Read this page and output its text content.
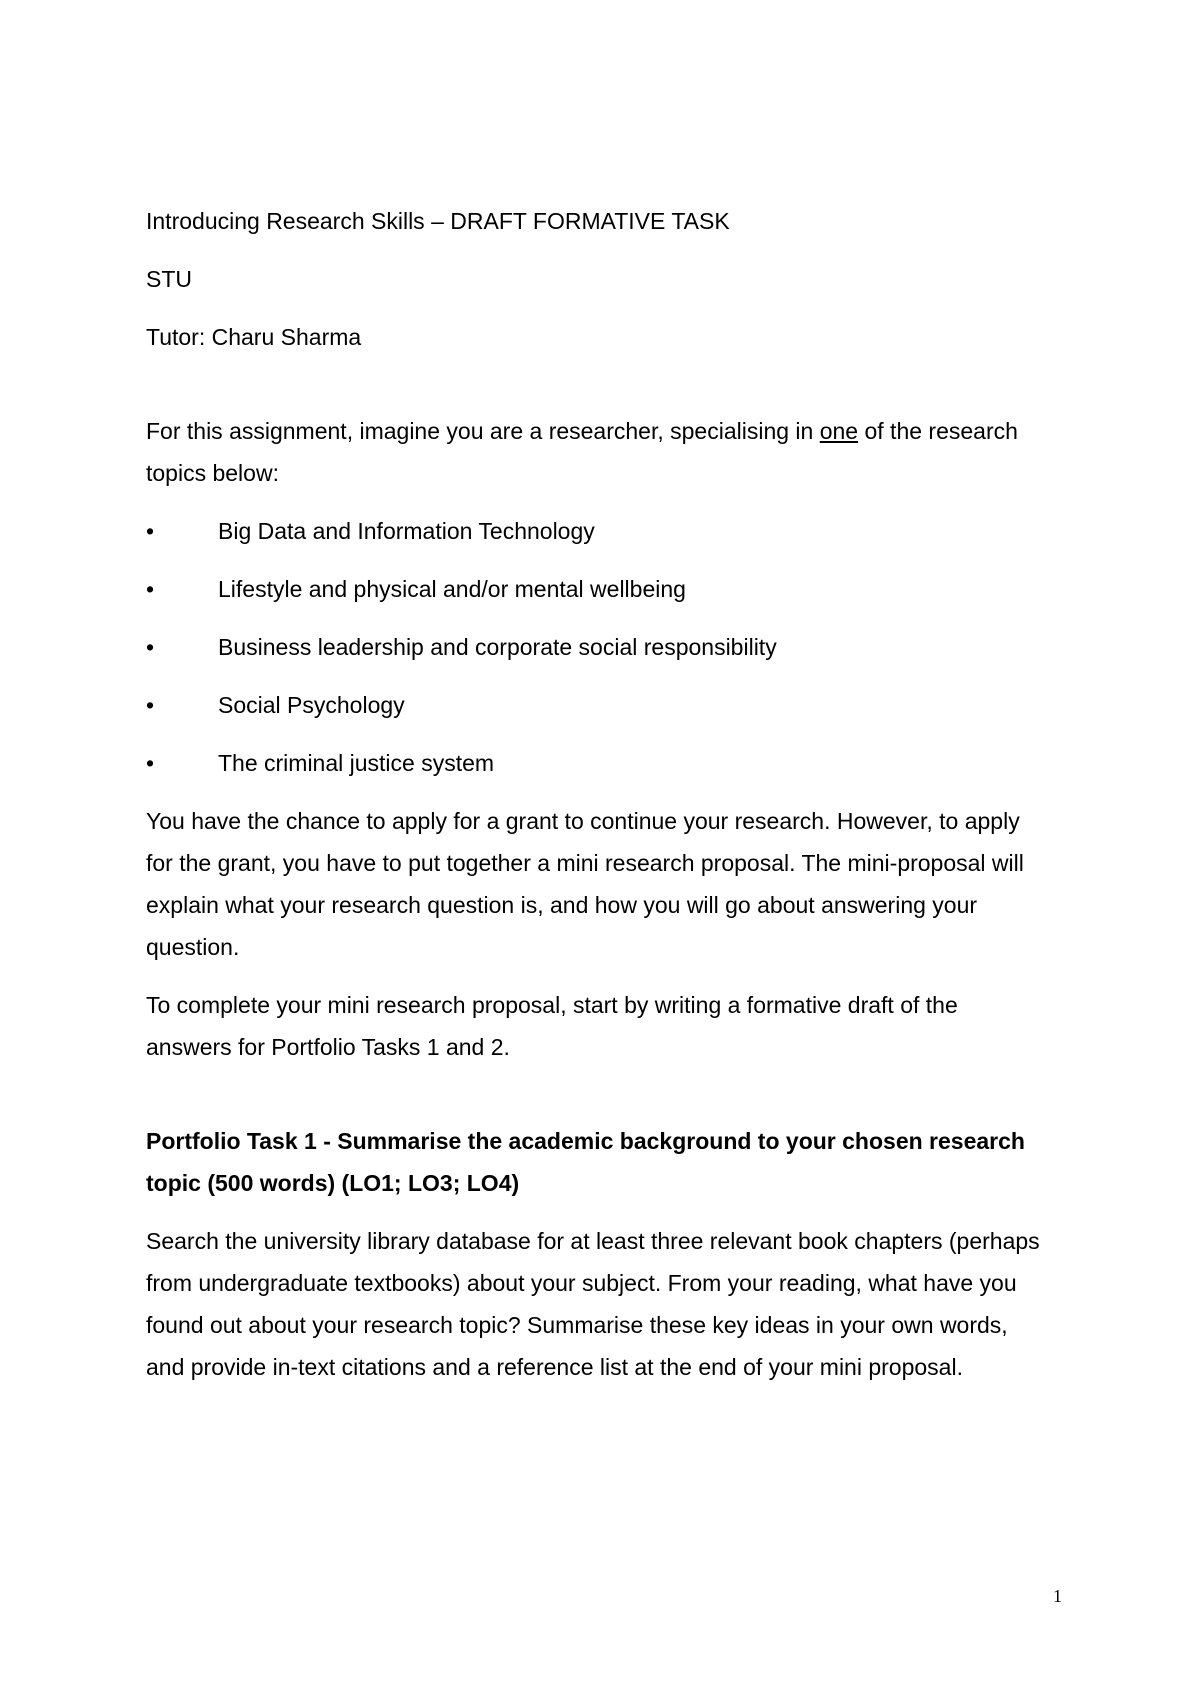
Introducing Research Skills – DRAFT FORMATIVE TASK

STU

Tutor: Charu Sharma

For this assignment, imagine you are a researcher, specialising in one of the research topics below:

•	Big Data and Information Technology
•	Lifestyle and physical and/or mental wellbeing
•	Business leadership and corporate social responsibility
•	Social Psychology
•	The criminal justice system

You have the chance to apply for a grant to continue your research. However, to apply for the grant, you have to put together a mini research proposal. The mini-proposal will explain what your research question is, and how you will go about answering your question.

To complete your mini research proposal, start by writing a formative draft of the answers for Portfolio Tasks 1 and 2.

Portfolio Task 1 - Summarise the academic background to your chosen research topic (500 words) (LO1; LO3; LO4)

Search the university library database for at least three relevant book chapters (perhaps from undergraduate textbooks) about your subject. From your reading, what have you found out about your research topic? Summarise these key ideas in your own words, and provide in-text citations and a reference list at the end of your mini proposal.

1
